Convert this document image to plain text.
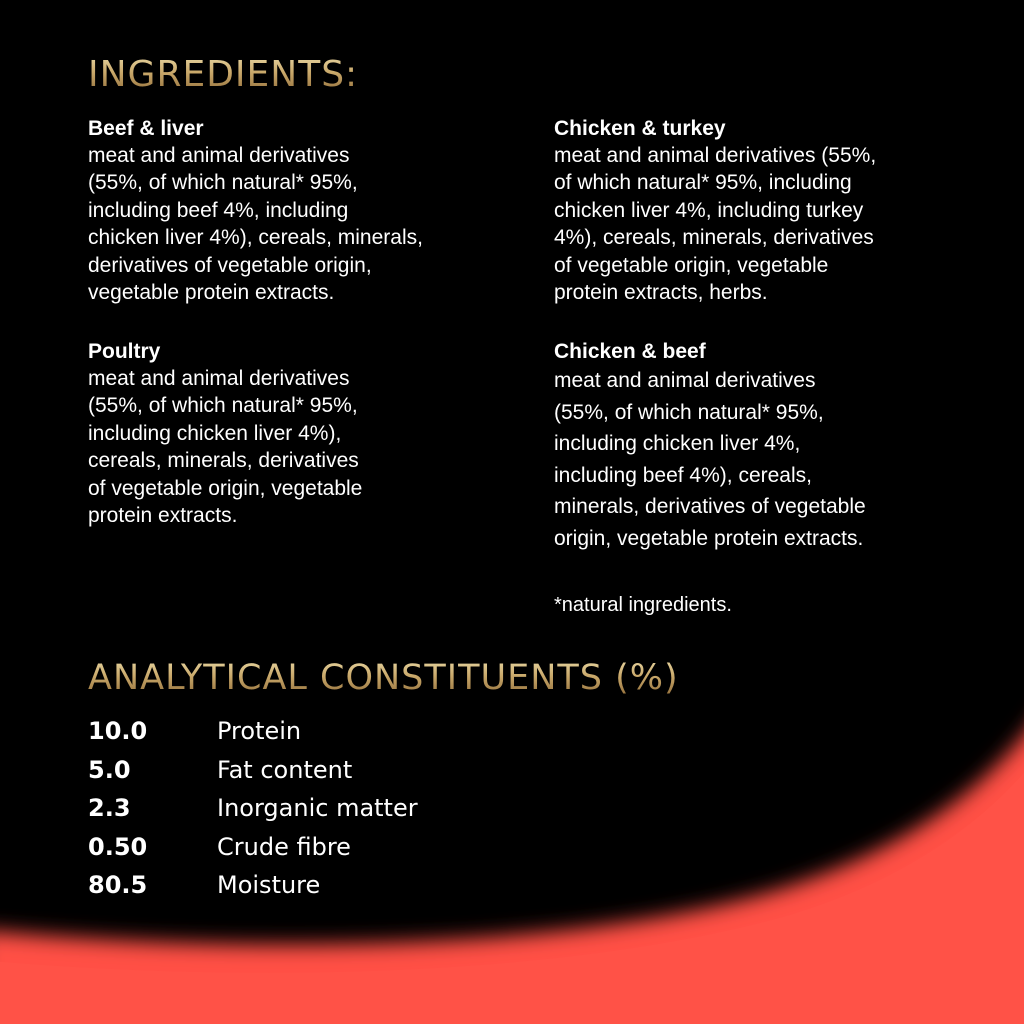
INGREDIENTS:

Beef & liver

meat and animal derivatives
(55%, of which natural* 95%,
including beef 4%, including
chicken liver 4%), cereals, minerals,
derivatives of vegetable origin,
vegetable protein extracts.

Chicken & turkey

meat and animal derivatives (55%,
of which natural* 95%, including
chicken liver 4%, including turkey
4%), cereals, minerals, derivatives
of vegetable origin, vegetable
protein extracts, herbs.

Poultry

meat and animal derivatives
(55%, of which natural* 95%,
including chicken liver 4%),
cereals, minerals, derivatives
of vegetable origin, vegetable
protein extracts.

Chicken & beef

meat and animal derivatives
(55%, of which natural* 95%,
including chicken liver 4%,
including beef 4%), cereals,
minerals, derivatives of vegetable
origin, vegetable protein extracts.

*natural ingredients.
ANALYTICAL CONSTITUENTS (%)
10.0	Protein
5.0	Fat content
2.3	Inorganic matter
0.50	Crude fibre
80.5	Moisture
